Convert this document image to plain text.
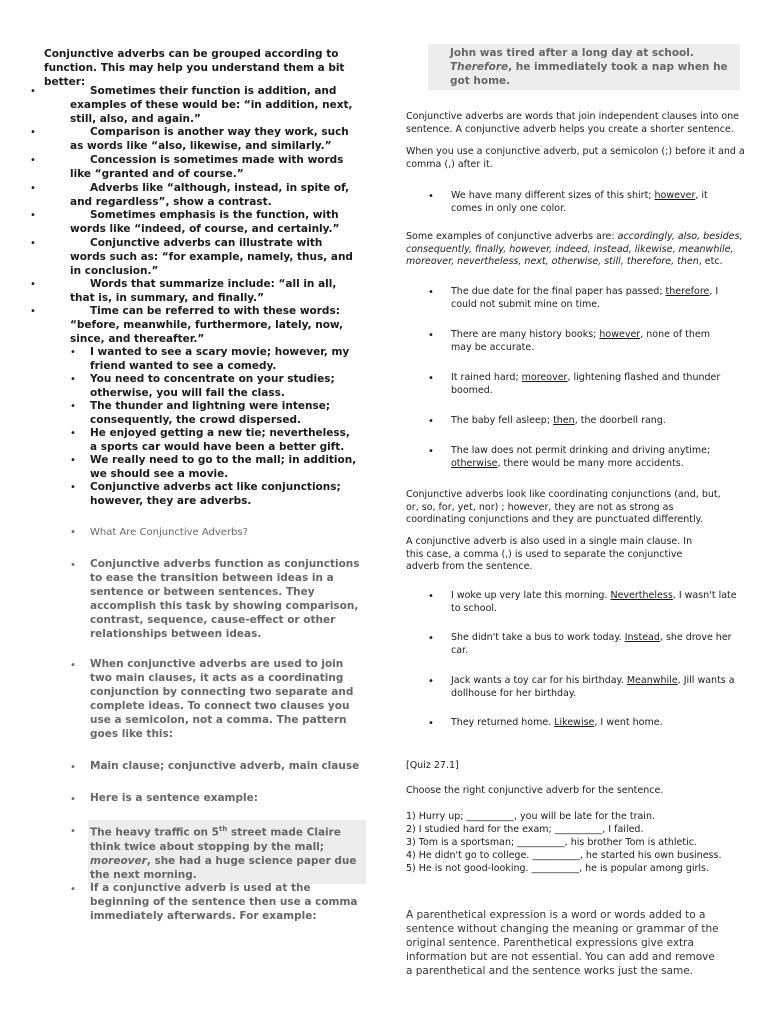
Conjunctive adverbs can be grouped according to function. This may help you understand them a bit better:
•	Sometimes their function is addition, and examples of these would be: “in addition, next, still, also, and again.”
•	Comparison is another way they work, such as words like “also, likewise, and similarly.”
•	Concession is sometimes made with words like “granted and of course.”
•	Adverbs like “although, instead, in spite of, and regardless”, show a contrast.
•	Sometimes emphasis is the function, with words like “indeed, of course, and certainly.”
•	Conjunctive adverbs can illustrate with words such as: “for example, namely, thus, and in conclusion.”
•	Words that summarize include: “all in all, that is, in summary, and finally.”
•	Time can be referred to with these words: “before, meanwhile, furthermore, lately, now, since, and thereafter.”
• I wanted to see a scary movie; however, my friend wanted to see a comedy.
• You need to concentrate on your studies; otherwise, you will fail the class.
• The thunder and lightning were intense; consequently, the crowd dispersed.
• He enjoyed getting a new tie; nevertheless, a sports car would have been a better gift.
• We really need to go to the mall; in addition, we should see a movie.
• Conjunctive adverbs act like conjunctions; however, they are adverbs.
• What Are Conjunctive Adverbs?
• Conjunctive adverbs function as conjunctions to ease the transition between ideas in a sentence or between sentences. They accomplish this task by showing comparison, contrast, sequence, cause-effect or other relationships between ideas.
• When conjunctive adverbs are used to join two main clauses, it acts as a coordinating conjunction by connecting two separate and complete ideas. To connect two clauses you use a semicolon, not a comma. The pattern goes like this:
• Main clause; conjunctive adverb, main clause
• Here is a sentence example:
• The heavy traffic on 5th street made Claire think twice about stopping by the mall; moreover, she had a huge science paper due the next morning.
• If a conjunctive adverb is used at the beginning of the sentence then use a comma immediately afterwards. For example:
John was tired after a long day at school. Therefore, he immediately took a nap when he got home.
Conjunctive adverbs are words that join independent clauses into one sentence. A conjunctive adverb helps you create a shorter sentence.
When you use a conjunctive adverb, put a semicolon (;) before it and a comma (,) after it.
• We have many different sizes of this shirt; however, it comes in only one color.
Some examples of conjunctive adverbs are: accordingly, also, besides, consequently, finally, however, indeed, instead, likewise, meanwhile, moreover, nevertheless, next, otherwise, still, therefore, then, etc.
• The due date for the final paper has passed; therefore, I could not submit mine on time.
• There are many history books; however, none of them may be accurate.
• It rained hard; moreover, lightening flashed and thunder boomed.
• The baby fell asleep; then, the doorbell rang.
• The law does not permit drinking and driving anytime; otherwise, there would be many more accidents.
Conjunctive adverbs look like coordinating conjunctions (and, but, or, so, for, yet, nor) ; however, they are not as strong as coordinating conjunctions and they are punctuated differently.
A conjunctive adverb is also used in a single main clause. In this case, a comma (,) is used to separate the conjunctive adverb from the sentence.
• I woke up very late this morning. Nevertheless, I wasn't late to school.
• She didn't take a bus to work today. Instead, she drove her car.
• Jack wants a toy car for his birthday. Meanwhile, Jill wants a dollhouse for her birthday.
• They returned home. Likewise, I went home.
[Quiz 27.1]
Choose the right conjunctive adverb for the sentence.
1) Hurry up; __________, you will be late for the train.
2) I studied hard for the exam; __________, I failed.
3) Tom is a sportsman; __________, his brother Tom is athletic.
4) He didn't go to college. __________, he started his own business.
5) He is not good-looking. __________, he is popular among girls.
A parenthetical expression is a word or words added to a sentence without changing the meaning or grammar of the original sentence. Parenthetical expressions give extra information but are not essential. You can add and remove a parenthetical and the sentence works just the same.
